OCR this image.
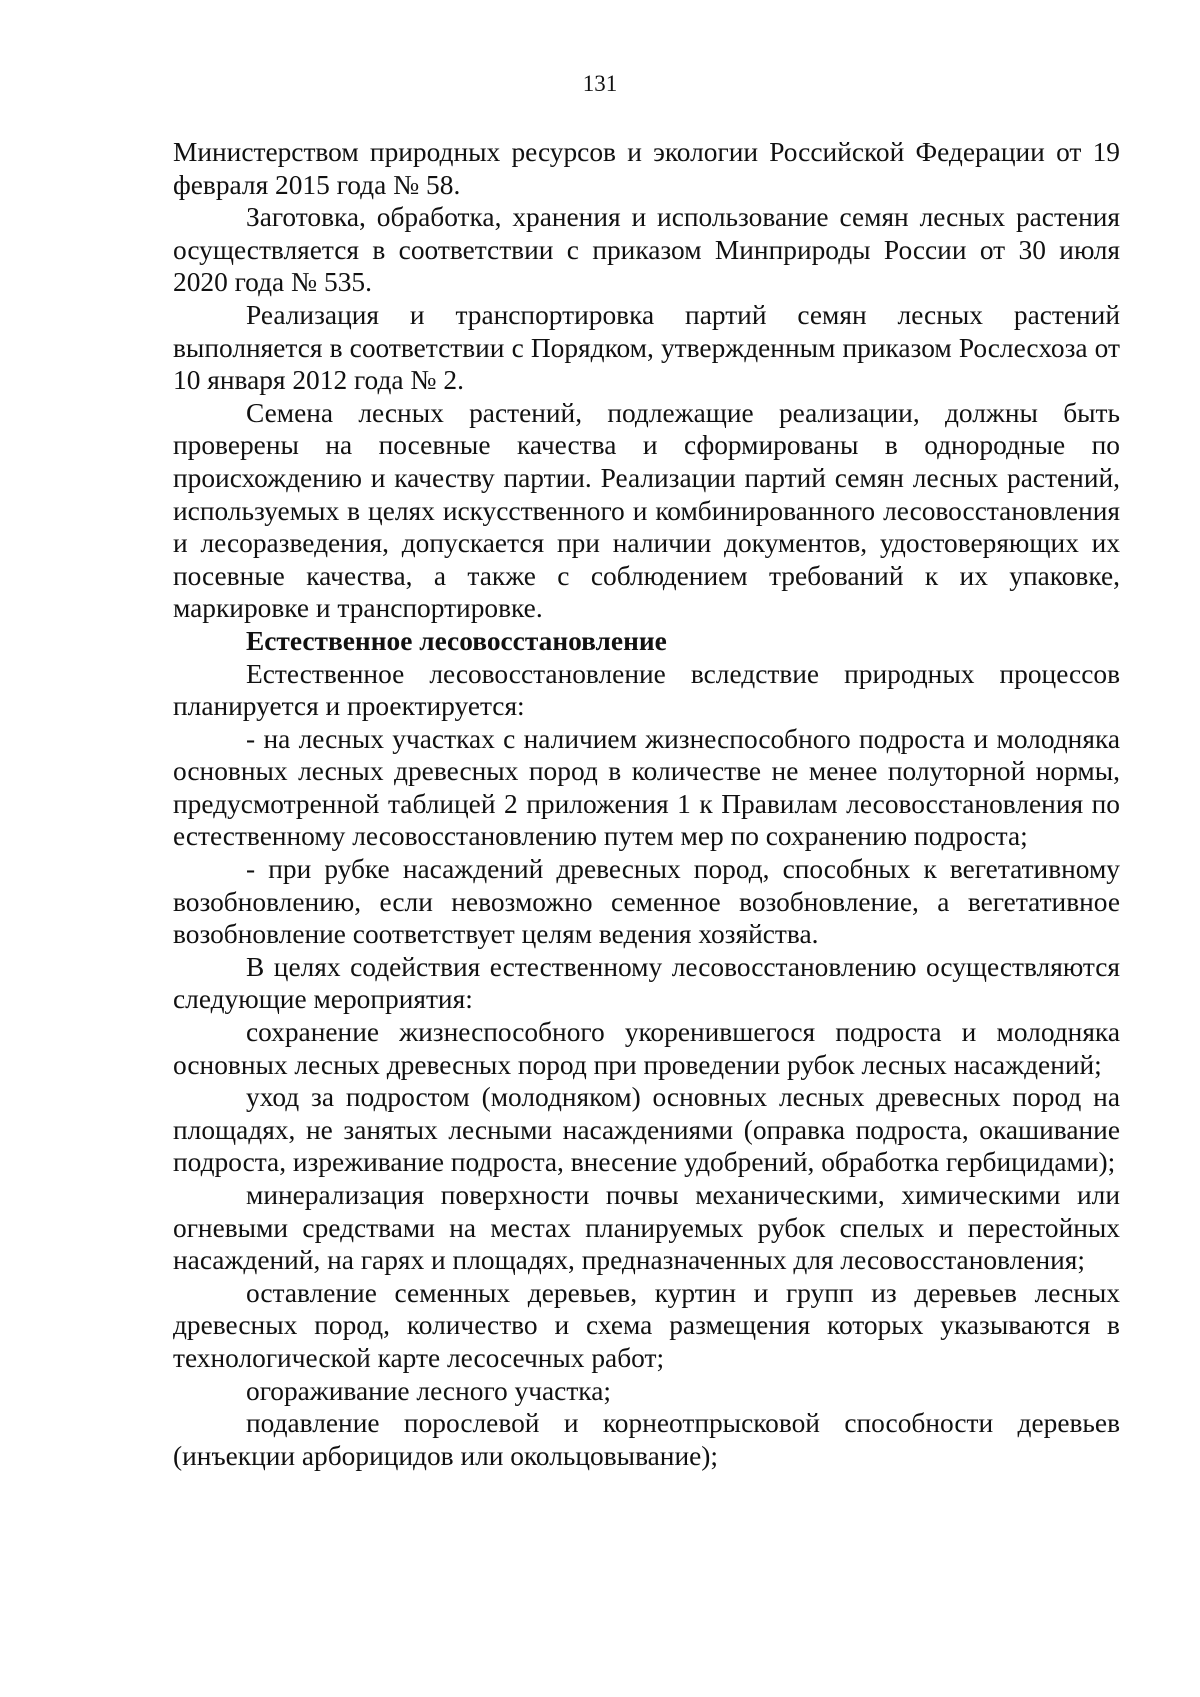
131

Министерством природных ресурсов и экологии Российской Федерации от 19 февраля 2015 года № 58.

Заготовка, обработка, хранения и использование семян лесных растения осуществляется в соответствии с приказом Минприроды России от 30 июля 2020 года № 535.

Реализация и транспортировка партий семян лесных растений выполняется в соответствии с Порядком, утвержденным приказом Рослесхоза от 10 января 2012 года № 2.

Семена лесных растений, подлежащие реализации, должны быть проверены на посевные качества и сформированы в однородные по происхождению и качеству партии. Реализации партий семян лесных растений, используемых в целях искусственного и комбинированного лесовосстановления и лесоразведения, допускается при наличии документов, удостоверяющих их посевные качества, а также с соблюдением требований к их упаковке, маркировке и транспортировке.

Естественное лесовосстановление

Естественное лесовосстановление вследствие природных процессов планируется и проектируется:

- на лесных участках с наличием жизнеспособного подроста и молодняка основных лесных древесных пород в количестве не менее полуторной нормы, предусмотренной таблицей 2 приложения 1 к Правилам лесовосстановления по естественному лесовосстановлению путем мер по сохранению подроста;

- при рубке насаждений древесных пород, способных к вегетативному возобновлению, если невозможно семенное возобновление, а вегетативное возобновление соответствует целям ведения хозяйства.

В целях содействия естественному лесовосстановлению осуществляются следующие мероприятия:

сохранение жизнеспособного укоренившегося подроста и молодняка основных лесных древесных пород при проведении рубок лесных насаждений;

уход за подростом (молодняком) основных лесных древесных пород на площадях, не занятых лесными насаждениями (оправка подроста, окашивание подроста, изреживание подроста, внесение удобрений, обработка гербицидами);

минерализация поверхности почвы механическими, химическими или огневыми средствами на местах планируемых рубок спелых и перестойных насаждений, на гарях и площадях, предназначенных для лесовосстановления;

оставление семенных деревьев, куртин и групп из деревьев лесных древесных пород, количество и схема размещения которых указываются в технологической карте лесосечных работ;

огораживание лесного участка;

подавление порослевой и корнеотпрысковой способности деревьев (инъекции арборицидов или окольцовывание);
